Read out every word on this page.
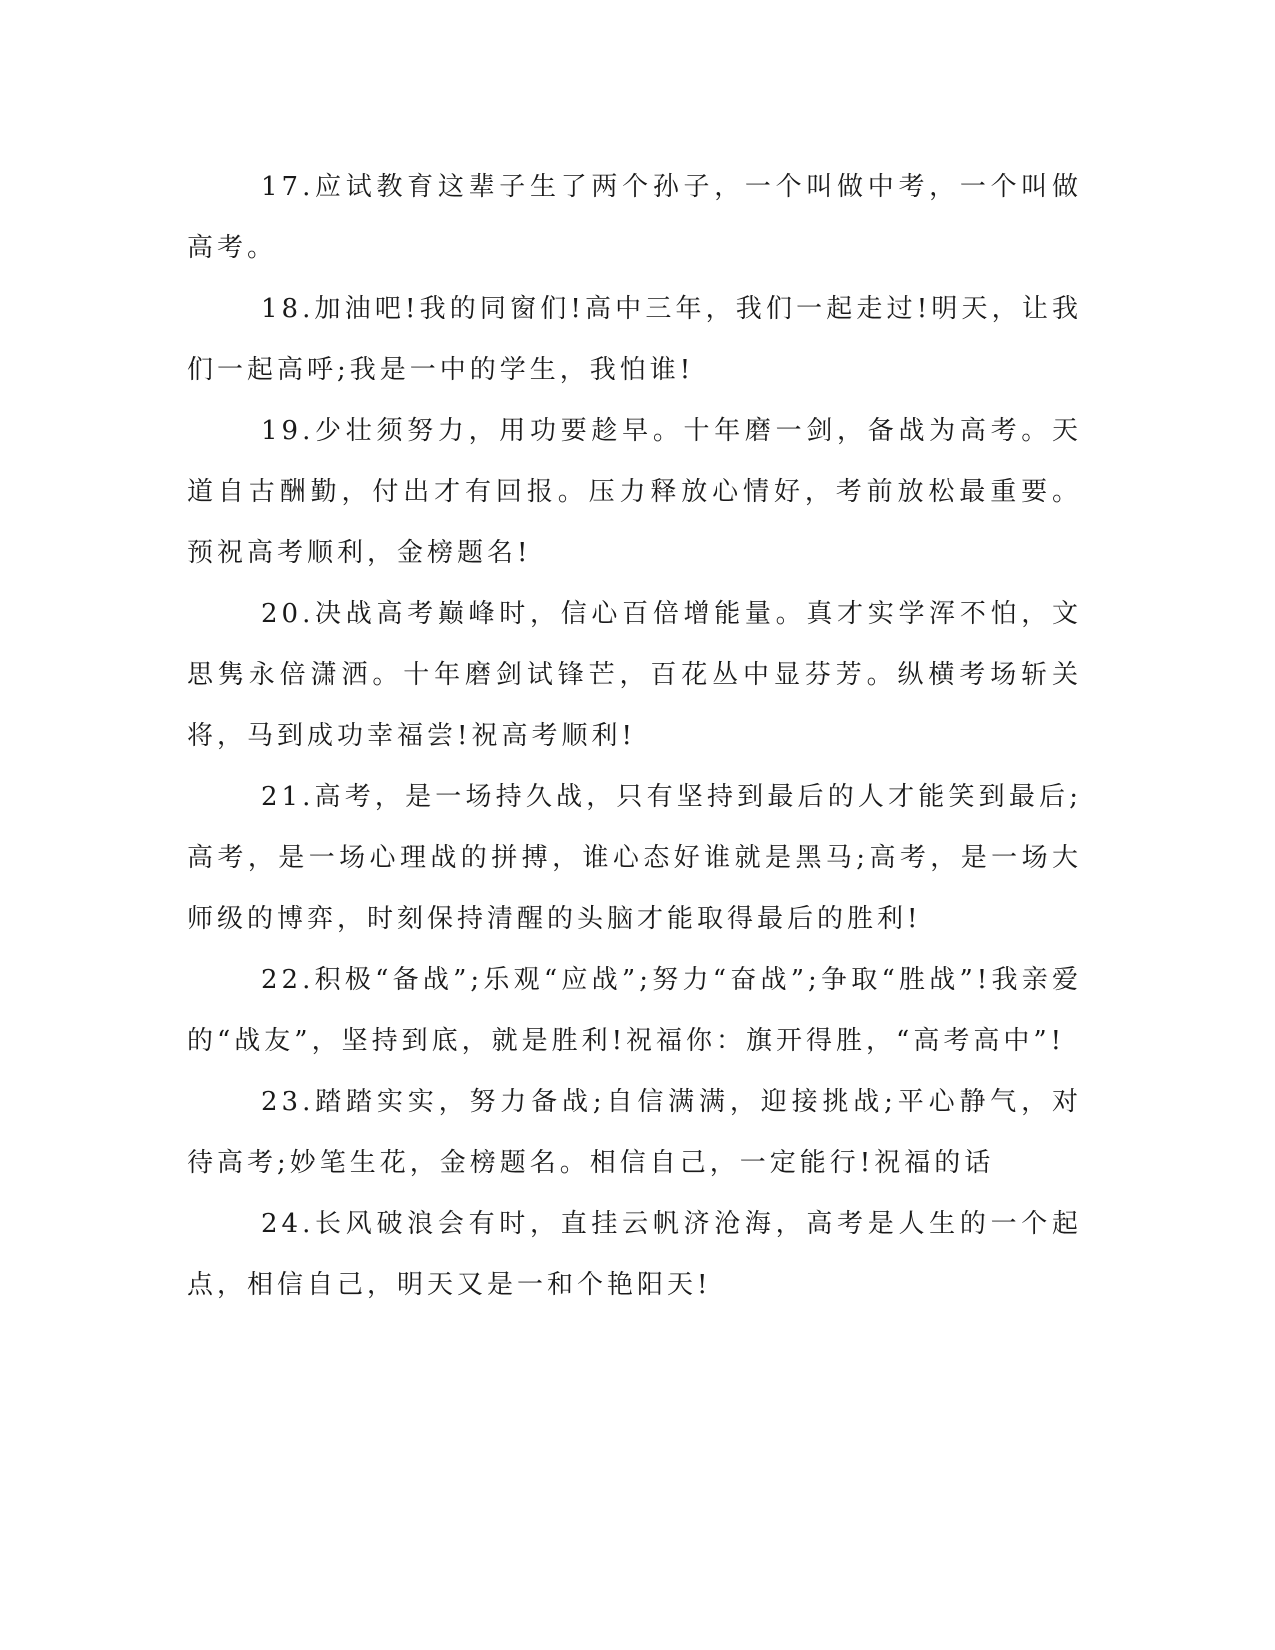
17.应试教育这辈子生了两个孙子，一个叫做中考，一个叫做高考。

18.加油吧!我的同窗们!高中三年，我们一起走过!明天，让我们一起高呼;我是一中的学生，我怕谁!

19.少壮须努力，用功要趁早。十年磨一剑，备战为高考。天道自古酬勤，付出才有回报。压力释放心情好，考前放松最重要。预祝高考顺利，金榜题名!

20.决战高考巅峰时，信心百倍增能量。真才实学浑不怕，文思隽永倍潇洒。十年磨剑试锋芒，百花丛中显芬芳。纵横考场斩关将，马到成功幸福尝!祝高考顺利!

21.高考，是一场持久战，只有坚持到最后的人才能笑到最后;高考，是一场心理战的拼搏，谁心态好谁就是黑马;高考，是一场大师级的博弈，时刻保持清醒的头脑才能取得最后的胜利!

22.积极“备战”;乐观“应战”;努力“奋战”;争取“胜战”!我亲爱的“战友”，坚持到底，就是胜利!祝福你：旗开得胜，“高考高中”!

23.踏踏实实，努力备战;自信满满，迎接挑战;平心静气，对待高考;妙笔生花，金榜题名。相信自己，一定能行!祝福的话

24.长风破浪会有时，直挂云帆济沧海，高考是人生的一个起点，相信自己，明天又是一和个艳阳天!
